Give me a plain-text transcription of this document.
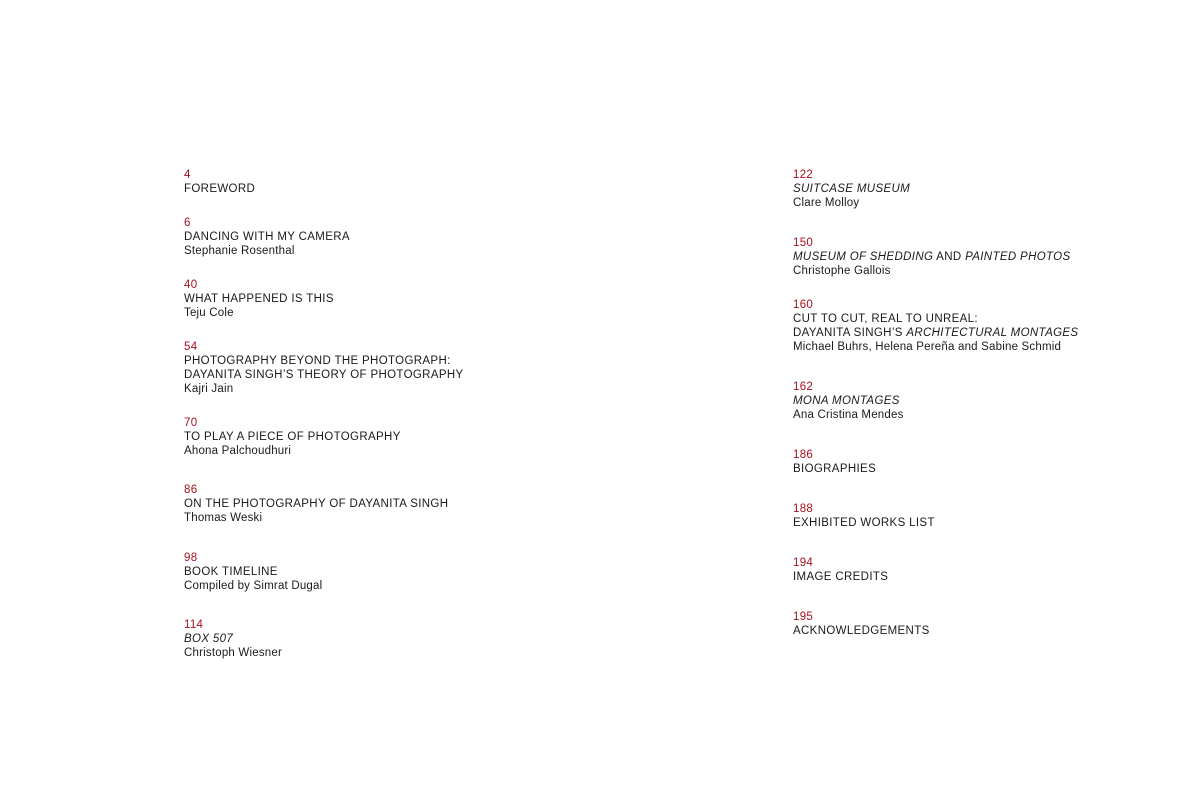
4
FOREWORD
6
DANCING WITH MY CAMERA
Stephanie Rosenthal
40
WHAT HAPPENED IS THIS
Teju Cole
54
PHOTOGRAPHY BEYOND THE PHOTOGRAPH:
DAYANITA SINGH’S THEORY OF PHOTOGRAPHY
Kajri Jain
70
TO PLAY A PIECE OF PHOTOGRAPHY
Ahona Palchoudhuri
86
ON THE PHOTOGRAPHY OF DAYANITA SINGH
Thomas Weski
98
BOOK TIMELINE
Compiled by Simrat Dugal
114
BOX 507
Christoph Wiesner
122
SUITCASE MUSEUM
Clare Molloy
150
MUSEUM OF SHEDDING AND PAINTED PHOTOS
Christophe Gallois
160
CUT TO CUT, REAL TO UNREAL:
DAYANITA SINGH’S ARCHITECTURAL MONTAGES
Michael Buhrs, Helena Pereña and Sabine Schmid
162
MONA MONTAGES
Ana Cristina Mendes
186
BIOGRAPHIES
188
EXHIBITED WORKS LIST
194
IMAGE CREDITS
195
ACKNOWLEDGEMENTS
